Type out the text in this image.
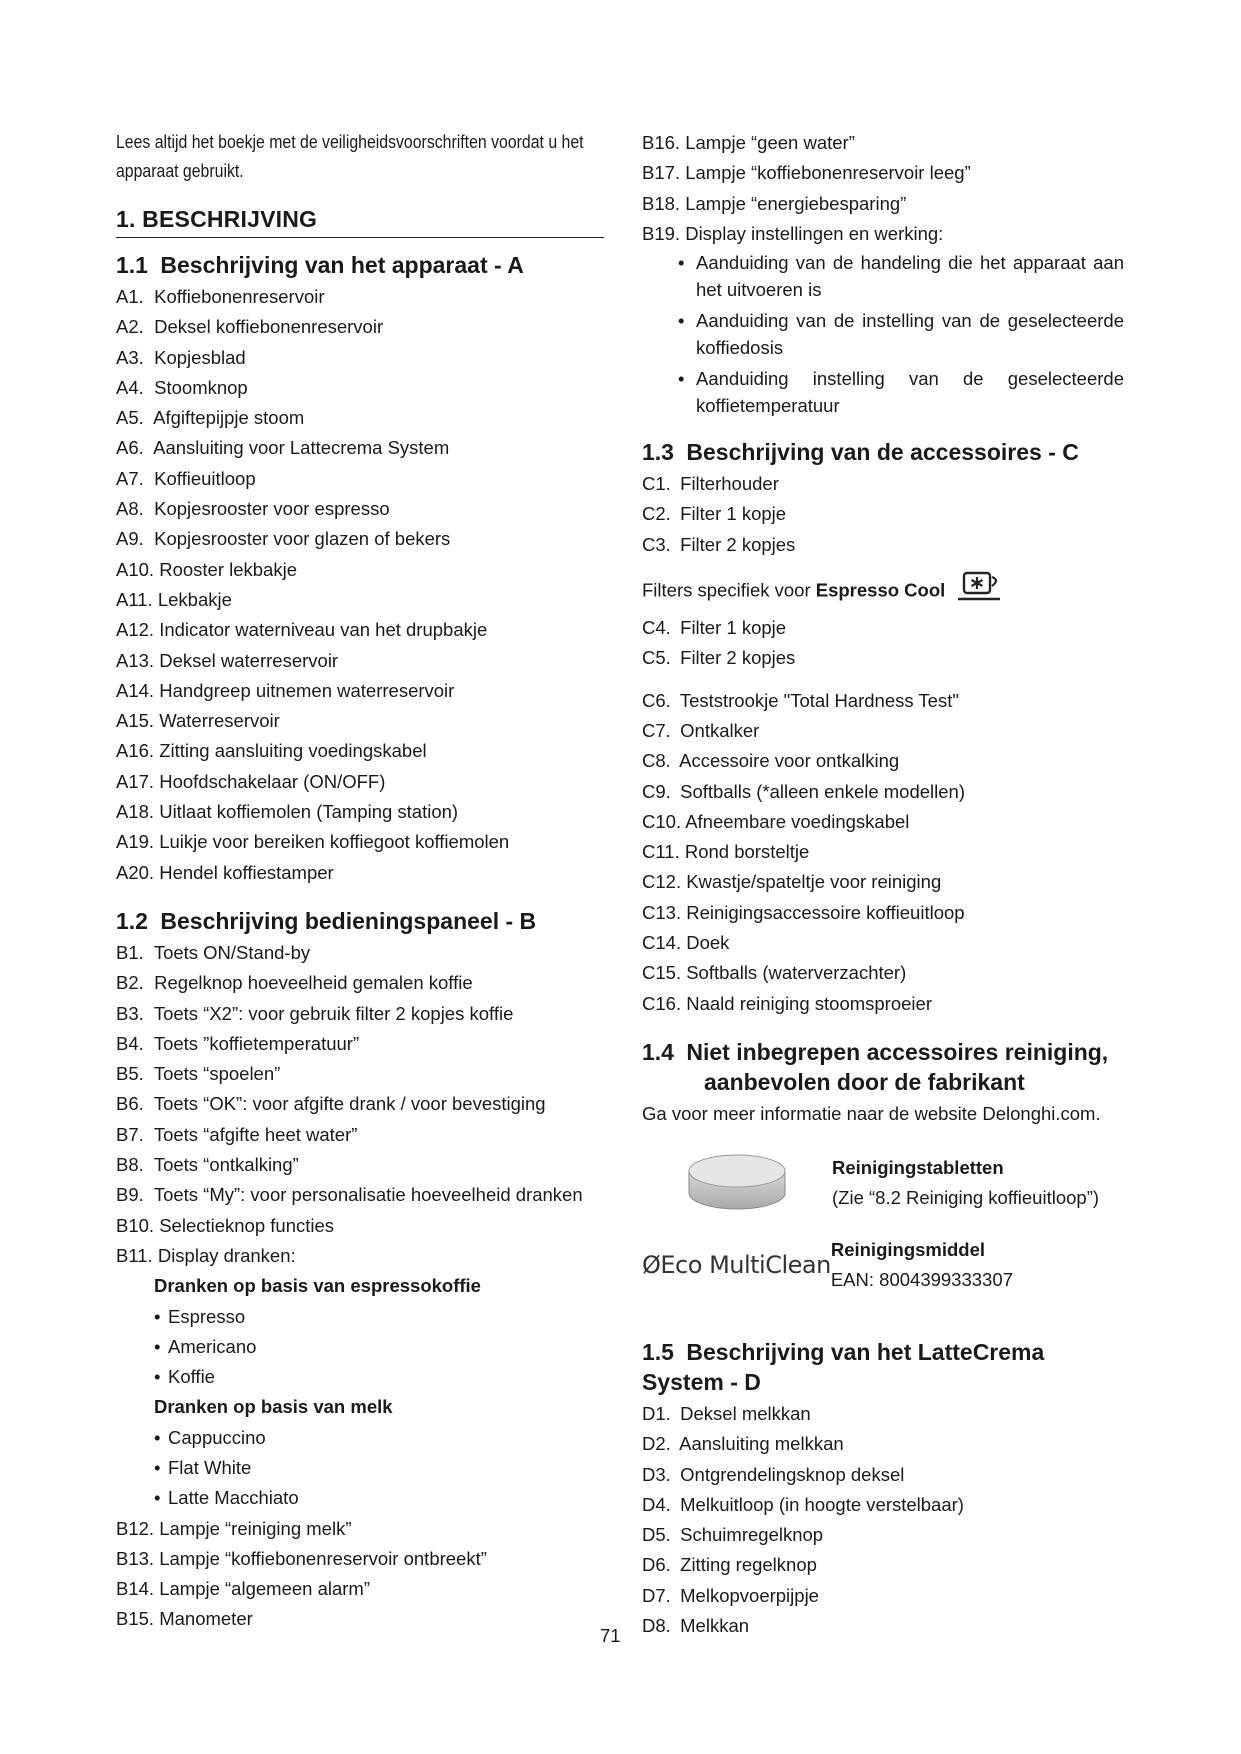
Lees altijd het boekje met de veiligheidsvoorschriften voordat u het apparaat gebruikt.

1. BESCHRIJVING
1.1 Beschrijving van het apparaat - A
A1. Koffiebonenreservoir
A2. Deksel koffiebonenreservoir
A3. Kopjesblad
A4. Stoomknop
A5. Afgiftepijpje stoom
A6. Aansluiting voor Lattecrema System
A7. Koffieuitloop
A8. Kopjesrooster voor espresso
A9. Kopjesrooster voor glazen of bekers
A10. Rooster lekbakje
A11. Lekbakje
A12. Indicator waterniveau van het drupbakje
A13. Deksel waterreservoir
A14. Handgreep uitnemen waterreservoir
A15. Waterreservoir
A16. Zitting aansluiting voedingskabel
A17. Hoofdschakelaar (ON/OFF)
A18. Uitlaat koffiemolen (Tamping station)
A19. Luikje voor bereiken koffiegoot koffiemolen
A20. Hendel koffiestamper
1.2 Beschrijving bedieningspaneel - B
B1. Toets ON/Stand-by
B2. Regelknop hoeveelheid gemalen koffie
B3. Toets “X2”: voor gebruik filter 2 kopjes koffie
B4. Toets ”koffietemperatuur”
B5. Toets “spoelen”
B6. Toets “OK”: voor afgifte drank / voor bevestiging
B7. Toets “afgifte heet water”
B8. Toets “ontkalking”
B9. Toets “My”: voor personalisatie hoeveelheid dranken
B10. Selectieknop functies
B11. Display dranken:
Dranken op basis van espressokoffie
• Espresso
• Americano
• Koffie
Dranken op basis van melk
• Cappuccino
• Flat White
• Latte Macchiato
B12. Lampje “reiniging melk”
B13. Lampje “koffiebonenreservoir ontbreekt”
B14. Lampje “algemeen alarm”
B15. Manometer
B16. Lampje “geen water”
B17. Lampje “koffiebonenreservoir leeg”
B18. Lampje “energiebesparing”
B19. Display instellingen en werking:
• Aanduiding van de handeling die het apparaat aan het uitvoeren is
• Aanduiding van de instelling van de geselecteerde koffiedosis
• Aanduiding instelling van de geselecteerde koffietemperatuur
1.3 Beschrijving van de accessoires - C
C1. Filterhouder
C2. Filter 1 kopje
C3. Filter 2 kopjes
Filters specifiek voor Espresso Cool
C4. Filter 1 kopje
C5. Filter 2 kopjes
C6. Teststrookje "Total Hardness Test"
C7. Ontkalker
C8. Accessoire voor ontkalking
C9. Softballs (*alleen enkele modellen)
C10. Afneembare voedingskabel
C11. Rond borsteltje
C12. Kwastje/spateltje voor reiniging
C13. Reinigingsaccessoire koffieuitloop
C14. Doek
C15. Softballs (waterverzachter)
C16. Naald reiniging stoomsproeier
1.4 Niet inbegrepen accessoires reiniging,
aanbevolen door de fabrikant
Ga voor meer informatie naar de website Delonghi.com.
Reinigingstabletten
(Zie “8.2 Reiniging koffieuitloop”)
ØEco MultiClean
Reinigingsmiddel
EAN: 8004399333307
1.5 Beschrijving van het LatteCrema System - D
D1. Deksel melkkan
D2. Aansluiting melkkan
D3. Ontgrendelingsknop deksel
D4. Melkuitloop (in hoogte verstelbaar)
D5. Schuimregelknop
D6. Zitting regelknop
D7. Melkopvoerpijpje
D8. Melkkan
71
